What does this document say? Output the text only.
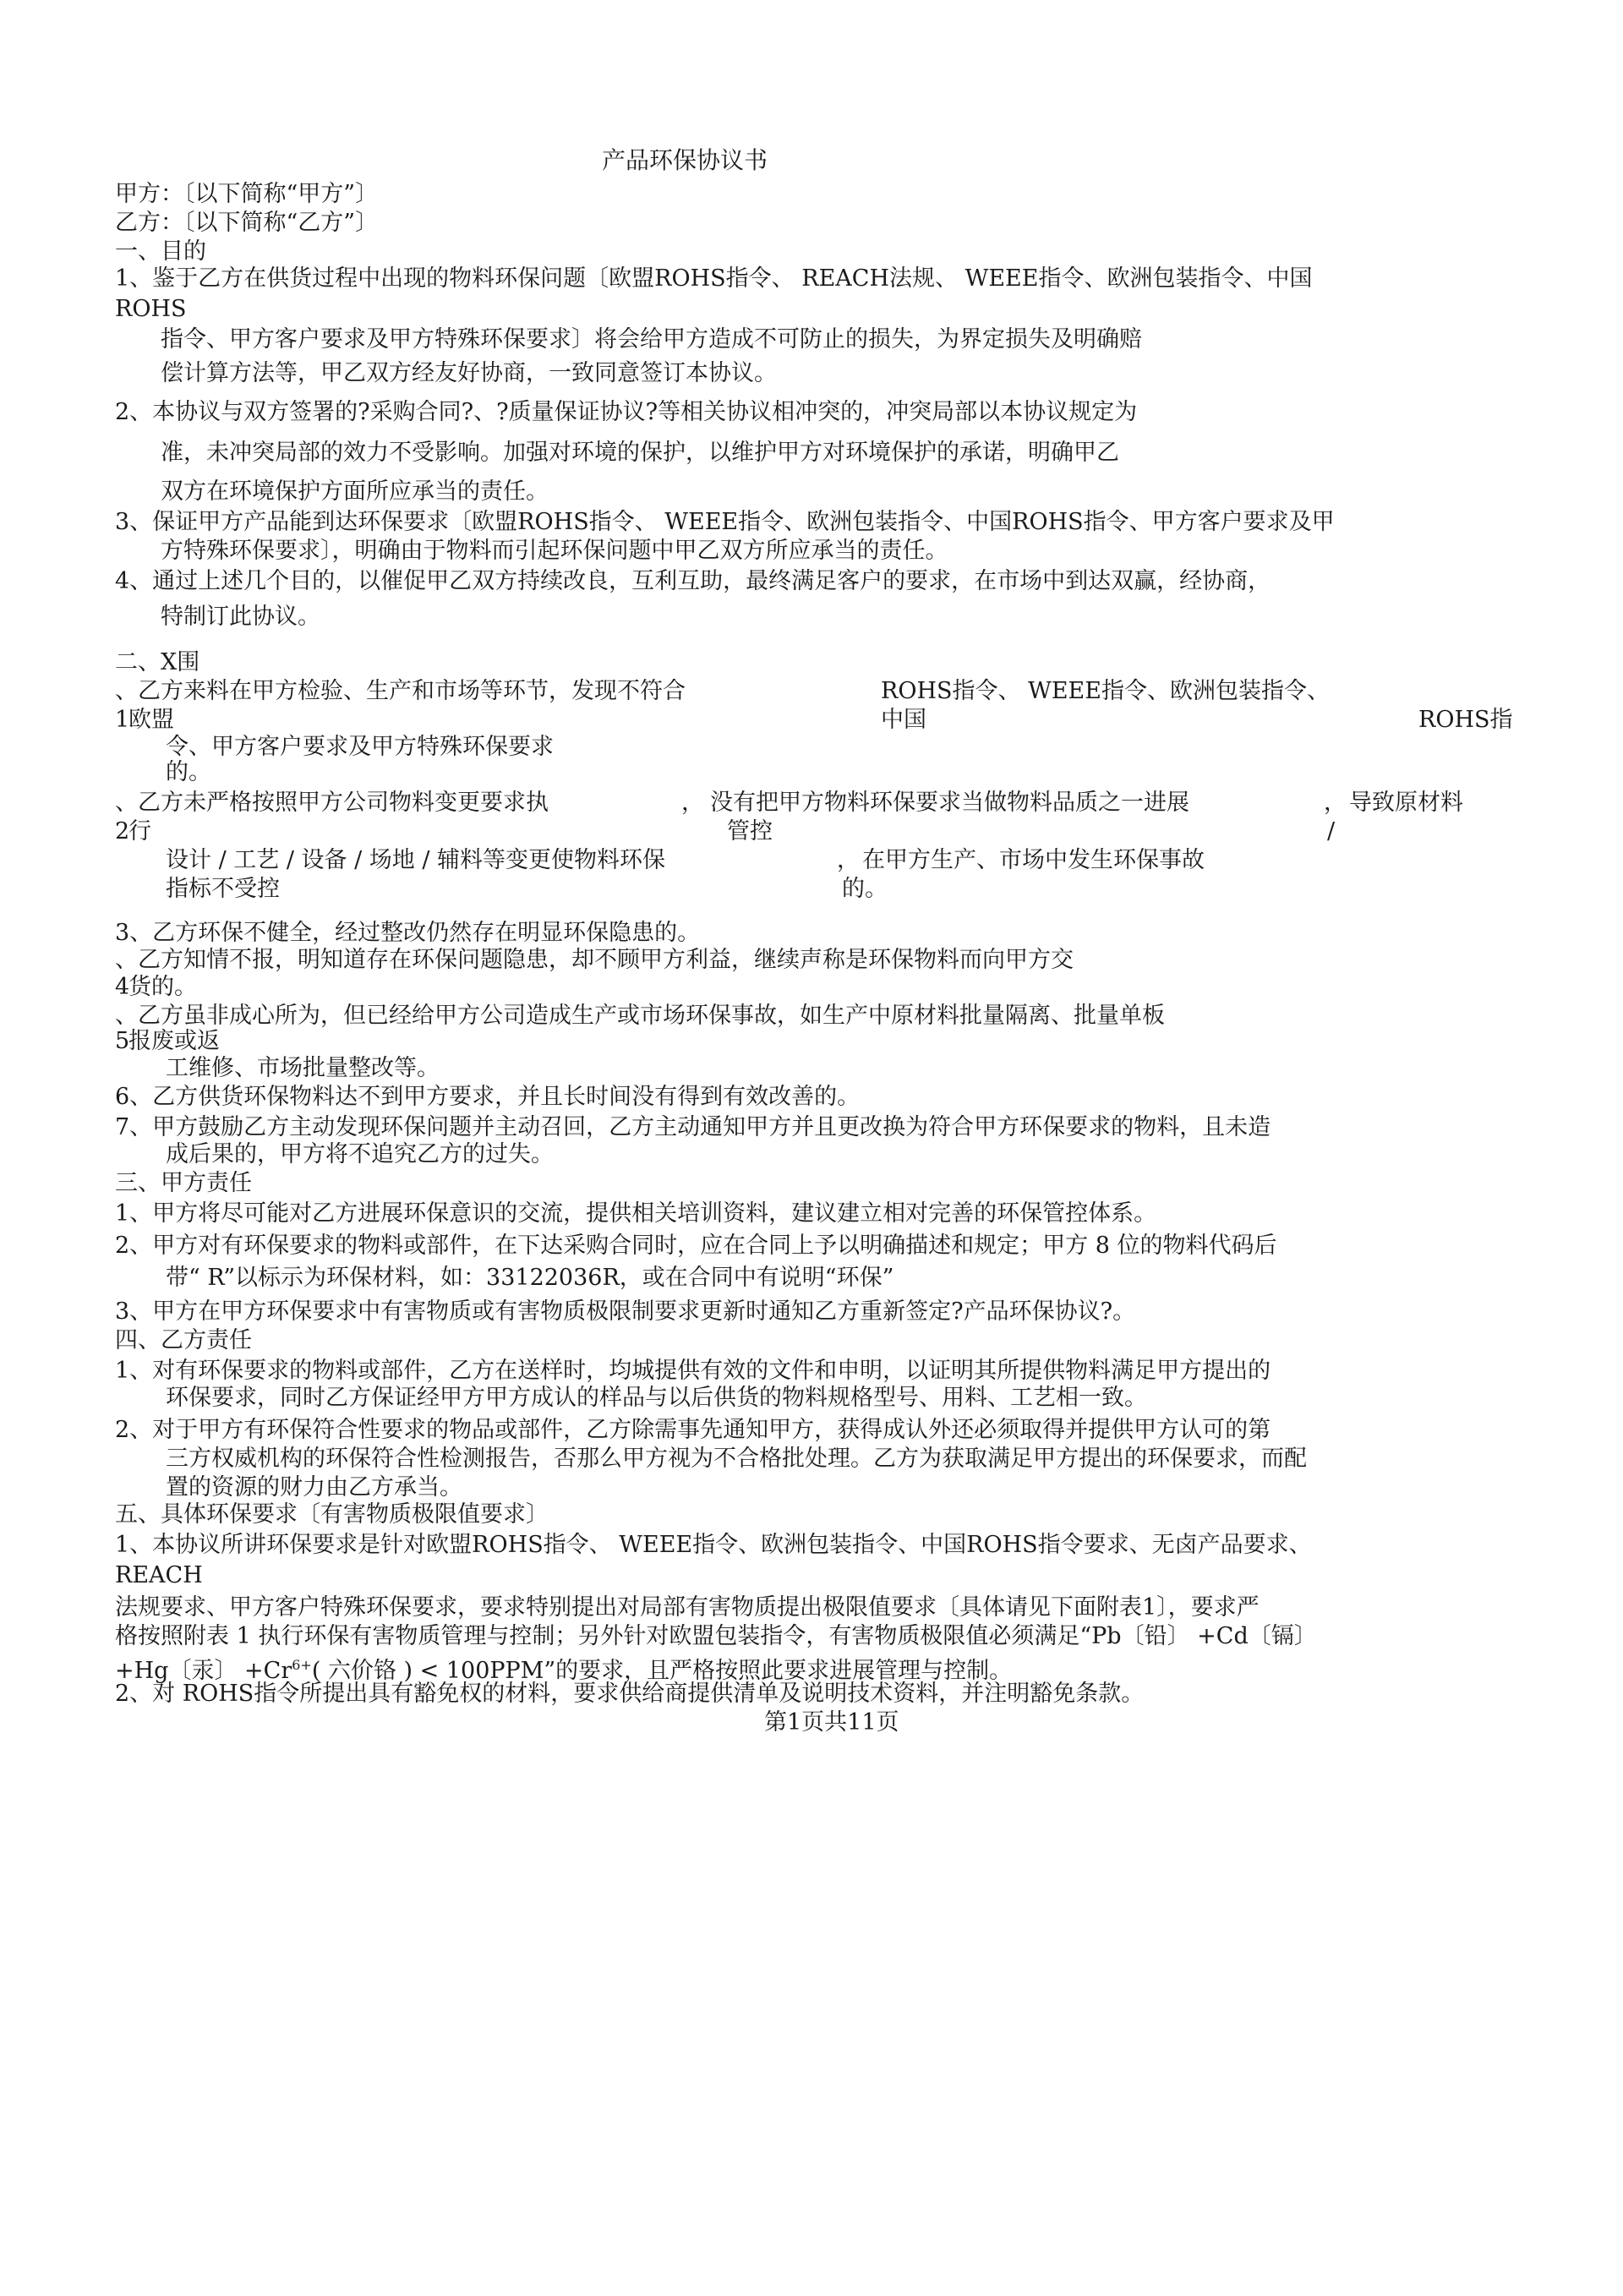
产品环保协议书
甲方：〔以下简称“甲方”〕
乙方：〔以下简称“乙方”〕
一、目的
1、鉴于乙方在供货过程中出现的物料环保问题〔欧盟ROHS指令、 REACH法规、 WEEE指令、欧洲包装指令、中国
ROHS
指令、甲方客户要求及甲方特殊环保要求〕将会给甲方造成不可防止的损失，为界定损失及明确赔
偿计算方法等，甲乙双方经友好协商，一致同意签订本协议。
2、本协议与双方签署的?采购合同?、?质量保证协议?等相关协议相冲突的，冲突局部以本协议规定为
准，未冲突局部的效力不受影响。加强对环境的保护，以维护甲方对环境保护的承诺，明确甲乙
双方在环境保护方面所应承当的责任。
3、保证甲方产品能到达环保要求〔欧盟ROHS指令、 WEEE指令、欧洲包装指令、中国ROHS指令、甲方客户要求及甲
方特殊环保要求〕，明确由于物料而引起环保问题中甲乙双方所应承当的责任。
4、通过上述几个目的，以催促甲乙双方持续改良，互利互助，最终满足客户的要求，在市场中到达双赢，经协商，
特制订此协议。
二、X围
、乙方来料在甲方检验、生产和市场等环节，发现不符合	ROHS指令、 WEEE指令、欧洲包装指令、
1
欧盟	中国	ROHS指
令、甲方客户要求及甲方特殊环保要求
的。
、乙方未严格按照甲方公司物料变更要求执	， 没有把甲方物料环保要求当做物料品质之一进展	， 导致原材料
2
行	管控	/
设计 / 工艺 / 设备 / 场地 / 辅料等变更使物料环保	， 在甲方生产、市场中发生环保事故
指标不受控	的。
3、乙方环保不健全，经过整改仍然存在明显环保隐患的。
、乙方知情不报，明知道存在环保问题隐患，却不顾甲方利益，继续声称是环保物料而向甲方交
4
货的。
、乙方虽非成心所为，但已经给甲方公司造成生产或市场环保事故，如生产中原材料批量隔离、批量单板
5
报废或返
工维修、市场批量整改等。
6、乙方供货环保物料达不到甲方要求，并且长时间没有得到有效改善的。
7、甲方鼓励乙方主动发现环保问题并主动召回，乙方主动通知甲方并且更改换为符合甲方环保要求的物料，且未造
成后果的，甲方将不追究乙方的过失。
三、甲方责任
1、甲方将尽可能对乙方进展环保意识的交流，提供相关培训资料，建议建立相对完善的环保管控体系。
2、甲方对有环保要求的物料或部件，在下达采购合同时，应在合同上予以明确描述和规定；甲方 8 位的物料代码后
带“ R”以标示为环保材料，如：33122036R，或在合同中有说明“环保”
3、甲方在甲方环保要求中有害物质或有害物质极限制要求更新时通知乙方重新签定?产品环保协议?。
四、乙方责任
1、对有环保要求的物料或部件，乙方在送样时，均城提供有效的文件和申明，以证明其所提供物料满足甲方提出的
环保要求，同时乙方保证经甲方甲方成认的样品与以后供货的物料规格型号、用料、工艺相一致。
2、对于甲方有环保符合性要求的物品或部件，乙方除需事先通知甲方，获得成认外还必须取得并提供甲方认可的第
三方权威机构的环保符合性检测报告，否那么甲方视为不合格批处理。乙方为获取满足甲方提出的环保要求，而配
置的资源的财力由乙方承当。
五、具体环保要求〔有害物质极限值要求〕
1、本协议所讲环保要求是针对欧盟ROHS指令、 WEEE指令、欧洲包装指令、中国ROHS指令要求、无卤产品要求、
REACH
法规要求、甲方客户特殊环保要求，要求特别提出对局部有害物质提出极限值要求〔具体请见下面附表1〕，要求严
格按照附表 1 执行环保有害物质管理与控制；另外针对欧盟包装指令，有害物质极限值必须满足“Pb〔铅〕 +Cd〔镉〕
+Hg〔汞〕 $+Cr^{6+}$( 六价铬 ) < 100PPM”的要求，且严格按照此要求进展管理与控制。
2、对 ROHS指令所提出具有豁免权的材料，要求供给商提供清单及说明技术资料，并注明豁免条款。
第1页共11页
